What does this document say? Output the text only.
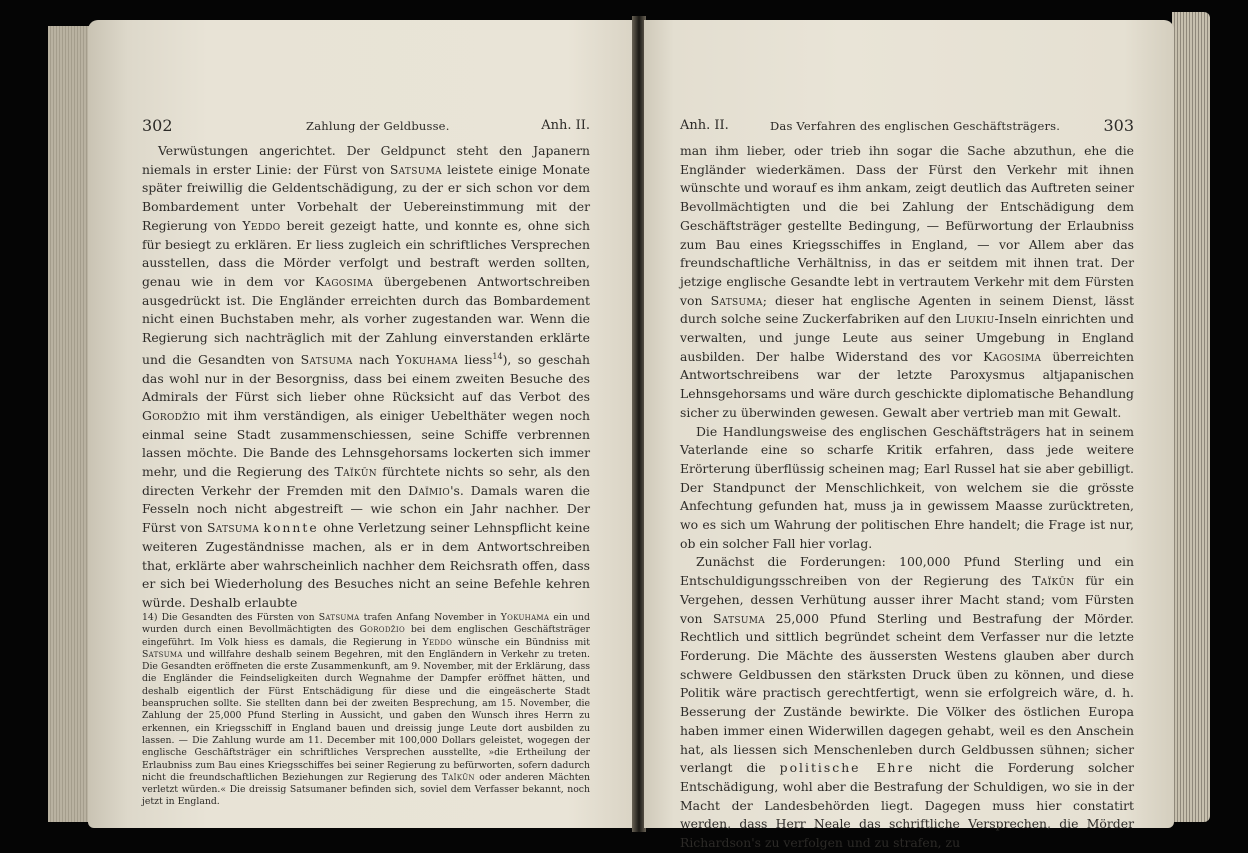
302	Zahlung der Geldbusse.	Anh. II.

Verwüstungen angerichtet. Der Geldpunct steht den Japanern niemals in erster Linie: der Fürst von Satsuma leistete einige Monate später freiwillig die Geldentschädigung, zu der er sich schon vor dem Bombardement unter Vorbehalt der Uebereinstimmung mit der Regierung von Yeddo bereit gezeigt hatte, und konnte es, ohne sich für besiegt zu erklären. Er liess zugleich ein schriftliches Versprechen ausstellen, dass die Mörder verfolgt und bestraft werden sollten, genau wie in dem vor Kagosima übergebenen Antwortschreiben ausgedrückt ist. Die Engländer erreichten durch das Bombardement nicht einen Buchstaben mehr, als vorher zugestanden war. Wenn die Regierung sich nachträglich mit der Zahlung einverstanden erklärte und die Gesandten von Satsuma nach Yokuhama liess$^{14}$), so geschah das wohl nur in der Besorgniss, dass bei einem zweiten Besuche des Admirals der Fürst sich lieber ohne Rücksicht auf das Verbot des Gorodžio mit ihm verständigen, als einiger Uebelthäter wegen noch einmal seine Stadt zusammenschiessen, seine Schiffe verbrennen lassen möchte. Die Bande des Lehnsgehorsams lockerten sich immer mehr, und die Regierung des Taïkūn fürchtete nichts so sehr, als den directen Verkehr der Fremden mit den Daïmio's. Damals waren die Fesseln noch nicht abgestreift — wie schon ein Jahr nachher. Der Fürst von Satsuma konnte ohne Verletzung seiner Lehnspflicht keine weiteren Zugeständnisse machen, als er in dem Antwortschreiben that, erklärte aber wahrscheinlich nachher dem Reichsrath offen, dass er sich bei Wiederholung des Besuches nicht an seine Befehle kehren würde. Deshalb erlaubte

14) Die Gesandten des Fürsten von Satsuma trafen Anfang November in Yokuhama ein und wurden durch einen Bevollmächtigten des Gorodžio bei dem englischen Geschäftsträger eingeführt. Im Volk hiess es damals, die Regierung in Yeddo wünsche ein Bündniss mit Satsuma und willfahre deshalb seinem Begehren, mit den Engländern in Verkehr zu treten. Die Gesandten eröffneten die erste Zusammenkunft, am 9. November, mit der Erklärung, dass die Engländer die Feindseligkeiten durch Wegnahme der Dampfer eröffnet hätten, und deshalb eigentlich der Fürst Entschädigung für diese und die eingeäscherte Stadt beanspruchen sollte. Sie stellten dann bei der zweiten Besprechung, am 15. November, die Zahlung der 25,000 Pfund Sterling in Aussicht, und gaben den Wunsch ihres Herrn zu erkennen, ein Kriegsschiff in England bauen und dreissig junge Leute dort ausbilden zu lassen. — Die Zahlung wurde am 11. December mit 100,000 Dollars geleistet, wogegen der englische Geschäftsträger ein schriftliches Versprechen ausstellte, »die Ertheilung der Erlaubniss zum Bau eines Kriegsschiffes bei seiner Regierung zu befürworten, sofern dadurch nicht die freundschaftlichen Beziehungen zur Regierung des Taïkūn oder anderen Mächten verletzt würden.« Die dreissig Satsumaner befinden sich, soviel dem Verfasser bekannt, noch jetzt in England.

Anh. II.	Das Verfahren des englischen Geschäftsträgers.	303

man ihm lieber, oder trieb ihn sogar die Sache abzuthun, ehe die Engländer wiederkämen. Dass der Fürst den Verkehr mit ihnen wünschte und worauf es ihm ankam, zeigt deutlich das Auftreten seiner Bevollmächtigten und die bei Zahlung der Entschädigung dem Geschäftsträger gestellte Bedingung, — Befürwortung der Erlaubniss zum Bau eines Kriegsschiffes in England, — vor Allem aber das freundschaftliche Verhältniss, in das er seitdem mit ihnen trat. Der jetzige englische Gesandte lebt in vertrautem Verkehr mit dem Fürsten von Satsuma; dieser hat englische Agenten in seinem Dienst, lässt durch solche seine Zuckerfabriken auf den Liukiu-Inseln einrichten und verwalten, und junge Leute aus seiner Umgebung in England ausbilden. Der halbe Widerstand des vor Kagosima überreichten Antwortschreibens war der letzte Paroxysmus altjapanischen Lehnsgehorsams und wäre durch geschickte diplomatische Behandlung sicher zu überwinden gewesen. Gewalt aber vertrieb man mit Gewalt.

Die Handlungsweise des englischen Geschäftsträgers hat in seinem Vaterlande eine so scharfe Kritik erfahren, dass jede weitere Erörterung überflüssig scheinen mag; Earl Russel hat sie aber gebilligt. Der Standpunct der Menschlichkeit, von welchem sie die grösste Anfechtung gefunden hat, muss ja in gewissem Maasse zurücktreten, wo es sich um Wahrung der politischen Ehre handelt; die Frage ist nur, ob ein solcher Fall hier vorlag.

Zunächst die Forderungen: 100,000 Pfund Sterling und ein Entschuldigungsschreiben von der Regierung des Taïkūn für ein Vergehen, dessen Verhütung ausser ihrer Macht stand; vom Fürsten von Satsuma 25,000 Pfund Sterling und Bestrafung der Mörder. Rechtlich und sittlich begründet scheint dem Verfasser nur die letzte Forderung. Die Mächte des äussersten Westens glauben aber durch schwere Geldbussen den stärksten Druck üben zu können, und diese Politik wäre practisch gerechtfertigt, wenn sie erfolgreich wäre, d. h. Besserung der Zustände bewirkte. Die Völker des östlichen Europa haben immer einen Widerwillen dagegen gehabt, weil es den Anschein hat, als liessen sich Menschenleben durch Geldbussen sühnen; sicher verlangt die politische Ehre nicht die Forderung solcher Entschädigung, wohl aber die Bestrafung der Schuldigen, wo sie in der Macht der Landesbehörden liegt. Dagegen muss hier constatirt werden, dass Herr Neale das schriftliche Versprechen, die Mörder Richardson's zu verfolgen und zu strafen, zu
